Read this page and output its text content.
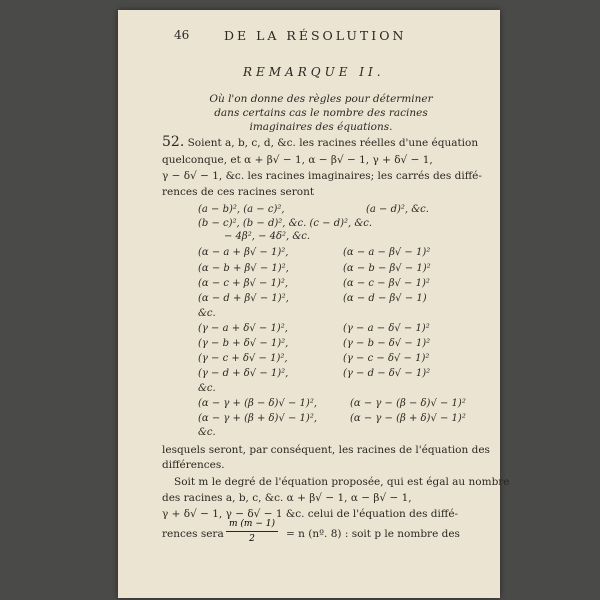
46	DE LA RÉSOLUTION
REMARQUE II.
Où l'on donne des règles pour déterminer dans certains cas le nombre des racines imaginaires des équations.
52. Soient a, b, c, d, &c. les racines réelles d'une équation
quelconque, et α + β√ − 1, α − β√ − 1, γ + δ√ − 1,
γ − δ√ − 1, &c. les racines imaginaires; les carrés des diffé-
rences de ces racines seront
(a − b)², (a − c)²,	(a − d)², &c.
(b − c)², (b − d)², &c. (c − d)², &c.
− 4β², − 4δ², &c.
(α − a + β√ − 1)²,	(α − a − β√ − 1)²
(α − b + β√ − 1)²,	(α − b − β√ − 1)²
(α − c + β√ − 1)²,	(α − c − β√ − 1)²
(α − d + β√ − 1)²,	(α − d − β√ − 1)
&c.
(γ − a + δ√ − 1)²,	(γ − a − δ√ − 1)²
(γ − b + δ√ − 1)²,	(γ − b − δ√ − 1)²
(γ − c + δ√ − 1)²,	(γ − c − δ√ − 1)²
(γ − d + δ√ − 1)²,	(γ − d − δ√ − 1)²
&c.
(α − γ + (β − δ)√ − 1)²,	(α − γ − (β − δ)√ − 1)²
(α − γ + (β + δ)√ − 1)²,	(α − γ − (β + δ)√ − 1)²
&c.
lesquels seront, par conséquent, les racines de l'équation des
différences.
Soit m le degré de l'équation proposée, qui est égal au nombre
des racines a, b, c, &c. α + β√ − 1, α − β√ − 1,
γ + δ√ − 1, γ − δ√ − 1 &c. celui de l'équation des diffé-
rences sera
m (m − 1)
2	= n (nº. 8) : soit p le nombre des
